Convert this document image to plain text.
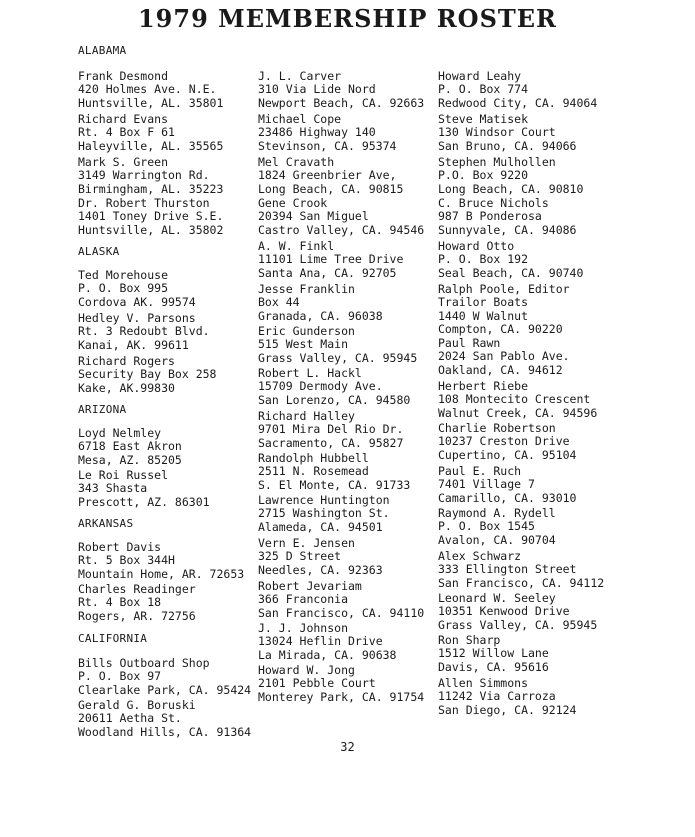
1979 MEMBERSHIP ROSTER
ALABAMA
Frank Desmond
420 Holmes Ave. N.E.
Huntsville, AL. 35801
Richard Evans
Rt. 4 Box F 61
Haleyville, AL. 35565
Mark S. Green
3149 Warrington Rd.
Birmingham, AL. 35223
Dr. Robert Thurston
1401 Toney Drive S.E.
Huntsville, AL. 35802
ALASKA
Ted Morehouse
P. O. Box 995
Cordova AK. 99574
Hedley V. Parsons
Rt. 3 Redoubt Blvd.
Kanai, AK. 99611
Richard Rogers
Security Bay Box 258
Kake, AK.99830
ARIZONA
Loyd Nelmley
6718 East Akron
Mesa, AZ. 85205
Le Roi Russel
343 Shasta
Prescott, AZ. 86301
ARKANSAS
Robert Davis
Rt. 5 Box 344H
Mountain Home, AR. 72653
Charles Readinger
Rt. 4 Box 18
Rogers, AR. 72756
CALIFORNIA
Bills Outboard Shop
P. O. Box 97
Clearlake Park, CA. 95424
Gerald G. Boruski
20611 Aetha St.
Woodland Hills, CA. 91364
J. L. Carver
310 Via Lide Nord
Newport Beach, CA. 92663
Michael Cope
23486 Highway 140
Stevinson, CA. 95374
Mel Cravath
1824 Greenbrier Ave,
Long Beach, CA. 90815
Gene Crook
20394 San Miguel
Castro Valley, CA. 94546
A. W. Finkl
11101 Lime Tree Drive
Santa Ana, CA. 92705
Jesse Franklin
Box 44
Granada, CA. 96038
Eric Gunderson
515 West Main
Grass Valley, CA. 95945
Robert L. Hackl
15709 Dermody Ave.
San Lorenzo, CA. 94580
Richard Halley
9701 Mira Del Rio Dr.
Sacramento, CA. 95827
Randolph Hubbell
2511 N. Rosemead
S. El Monte, CA. 91733
Lawrence Huntington
2715 Washington St.
Alameda, CA. 94501
Vern E. Jensen
325 D Street
Needles, CA. 92363
Robert Jevariam
366 Franconia
San Francisco, CA. 94110
J. J. Johnson
13024 Heflin Drive
La Mirada, CA. 90638
Howard W. Jong
2101 Pebble Court
Monterey Park, CA. 91754
Howard Leahy
P. O. Box 774
Redwood City, CA. 94064
Steve Matisek
130 Windsor Court
San Bruno, CA. 94066
Stephen Mulhollen
P.O. Box 9220
Long Beach, CA. 90810
C. Bruce Nichols
987 B Ponderosa
Sunnyvale, CA. 94086
Howard Otto
P. O. Box 192
Seal Beach, CA. 90740
Ralph Poole, Editor
Trailor Boats
1440 W Walnut
Compton, CA. 90220
Paul Rawn
2024 San Pablo Ave.
Oakland, CA. 94612
Herbert Riebe
108 Montecito Crescent
Walnut Creek, CA. 94596
Charlie Robertson
10237 Creston Drive
Cupertino, CA. 95104
Paul E. Ruch
7401 Village 7
Camarillo, CA. 93010
Raymond A. Rydell
P. O. Box 1545
Avalon, CA. 90704
Alex Schwarz
333 Ellington Street
San Francisco, CA. 94112
Leonard W. Seeley
10351 Kenwood Drive
Grass Valley, CA. 95945
Ron Sharp
1512 Willow Lane
Davis, CA. 95616
Allen Simmons
11242 Via Carroza
San Diego, CA. 92124
32
